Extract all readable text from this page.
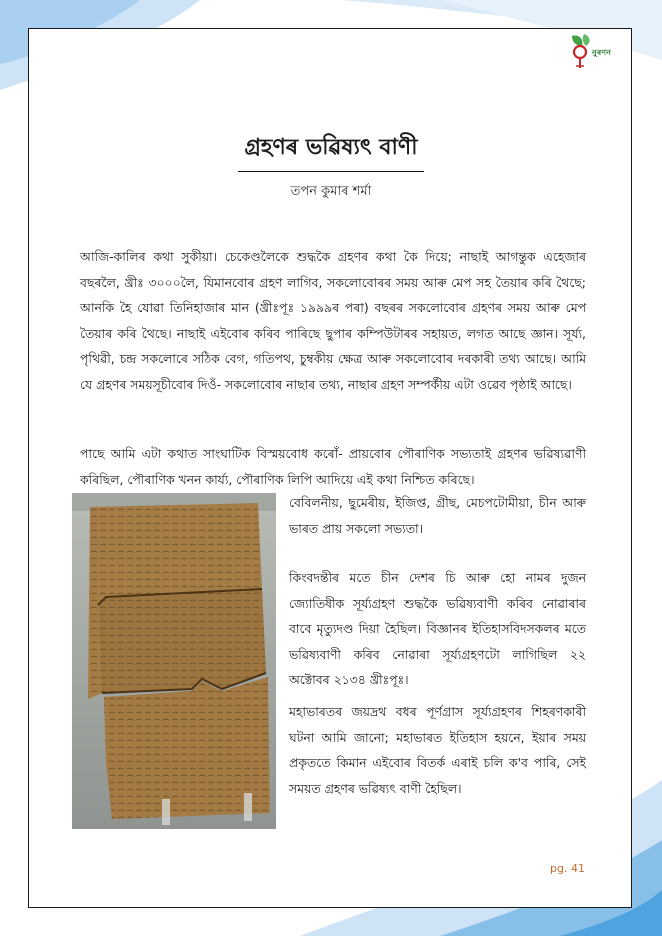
নুৰণন
গ্ৰহণৰ ভৱিষ্যৎ বাণী
তপন কুমাৰ শৰ্মা

আজি-কালিৰ কথা সুকীয়া। চেকেণ্ডলৈকে শুদ্ধকৈ গ্ৰহণৰ কথা কৈ দিয়ে; নাছাই আগন্তুক এহেজাৰ বছৰলৈ, খ্ৰীঃ ৩০০০লৈ, যিমানবোৰ গ্ৰহণ লাগিব, সকলোবোৰৰ সময় আৰু মেপ সহ তৈয়াৰ কৰি থৈছে; আনকি হৈ যোৱা তিনিহাজাৰ মান (খ্ৰীঃপূঃ ১৯৯৯ৰ পৰা) বছৰৰ সকলোবোৰ গ্ৰহণৰ সময় আৰু মেপ তৈয়াৰ কৰি থৈছে। নাছাই এইবোৰ কৰিব পাৰিছে ছুপাৰ কম্পিউটাৰৰ সহায়ত, লগত আছে জ্ঞান। সূৰ্য্য, পৃথিৱী, চন্দ্ৰ সকলোৰে সঠিক বেগ, গতিপথ, চুম্বকীয় ক্ষেত্ৰ আৰু সকলোবোৰ দৰকাৰী তথ্য আছে। আমি যে গ্ৰহণৰ সময়সূচীবোৰ দিওঁ- সকলোবোৰ নাছাৰ তথ্য, নাছাৰ গ্ৰহণ সম্পৰ্কীয় এটা ওৱেব পৃষ্ঠাই আছে।

পাছে আমি এটা কথাত সাংঘাটিক বিস্ময়বোধ কৰোঁ- প্ৰায়বোৰ পৌৰাণিক সভ্যতাই গ্ৰহণৰ ভৱিষ্যৱাণী কৰিছিল, পৌৰাণিক খনন কাৰ্য্য, পৌৰাণিক লিপি আদিয়ে এই কথা নিশ্চিত কৰিছে।

বেবিলনীয়, ছুমেৰীয়, ইজিপ্ত, গ্ৰীছ, মেচপটোমীয়া, চীন আৰু ভাৰত প্ৰায় সকলো সভ্যতা।

কিংবদন্তীৰ মতে চীন দেশৰ চি আৰু হো নামৰ দুজন জ্যোতিষীক সূৰ্য্যগ্ৰহণ শুদ্ধকৈ ভৱিষ্যবাণী কৰিব নোৱাৰাৰ বাবে মৃত্যুদণ্ড দিয়া হৈছিল। বিজ্ঞানৰ ইতিহাসবিদসকলৰ মতে ভৱিষ্যবাণী কৰিব নোৱাৰা সূৰ্য্যগ্ৰহণটো লাগিছিল ২২ অক্টোবৰ ২১৩৪ খ্ৰীঃপূঃ।

মহাভাৰতৰ জয়দ্ৰথ বধৰ পূৰ্ণগ্ৰাস সূৰ্য্যগ্ৰহণৰ শিহৰণকাৰী ঘটনা আমি জানো; মহাভাৰত ইতিহাস হয়নে, ইয়াৰ সময় প্ৰকৃততে কিমান এইবোৰ বিতৰ্ক এৰাই চলি ক'ব পাৰি, সেই সময়ত গ্ৰহণৰ ভৱিষ্যৎ বাণী হৈছিল।

pg. 41
